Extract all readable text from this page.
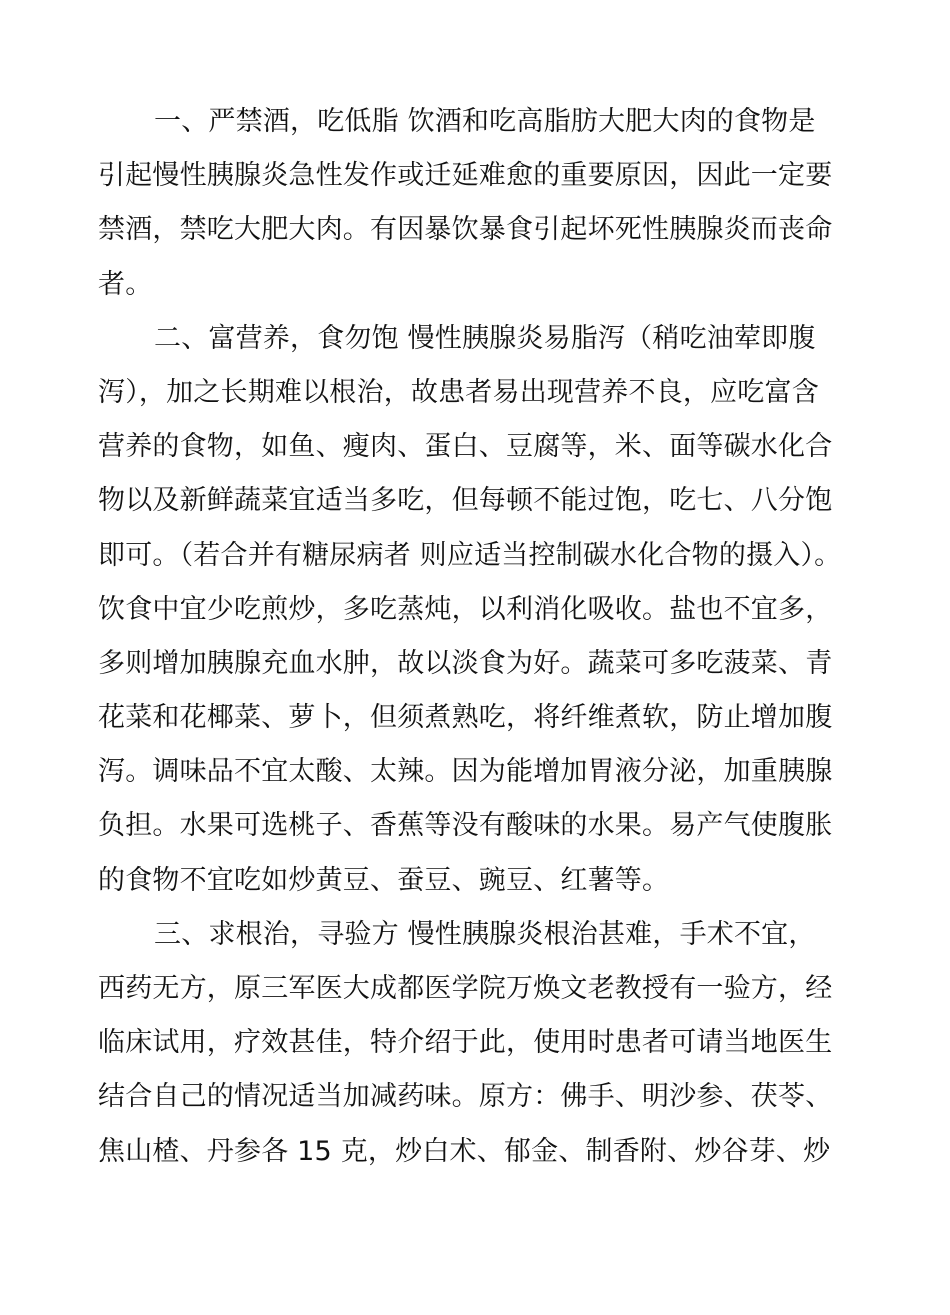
一、严禁酒，吃低脂 饮酒和吃高脂肪大肥大肉的食物是
引起慢性胰腺炎急性发作或迁延难愈的重要原因，因此一定要
禁酒，禁吃大肥大肉。有因暴饮暴食引起坏死性胰腺炎而丧命
者。
二、富营养，食勿饱 慢性胰腺炎易脂泻（稍吃油荤即腹
泻），加之长期难以根治，故患者易出现营养不良，应吃富含
营养的食物，如鱼、瘦肉、蛋白、豆腐等，米、面等碳水化合
物以及新鲜蔬菜宜适当多吃，但每顿不能过饱，吃七、八分饱
即可。（若合并有糖尿病者 则应适当控制碳水化合物的摄入）。
饮食中宜少吃煎炒，多吃蒸炖，以利消化吸收。盐也不宜多，
多则增加胰腺充血水肿，故以淡食为好。蔬菜可多吃菠菜、青
花菜和花椰菜、萝卜，但须煮熟吃，将纤维煮软，防止增加腹
泻。调味品不宜太酸、太辣。因为能增加胃液分泌，加重胰腺
负担。水果可选桃子、香蕉等没有酸味的水果。易产气使腹胀
的食物不宜吃如炒黄豆、蚕豆、豌豆、红薯等。
三、求根治，寻验方 慢性胰腺炎根治甚难，手术不宜，
西药无方，原三军医大成都医学院万焕文老教授有一验方，经
临床试用，疗效甚佳，特介绍于此，使用时患者可请当地医生
结合自己的情况适当加减药味。原方：佛手、明沙参、茯苓、
焦山楂、丹参各 15 克，炒白术、郁金、制香附、炒谷芽、炒
